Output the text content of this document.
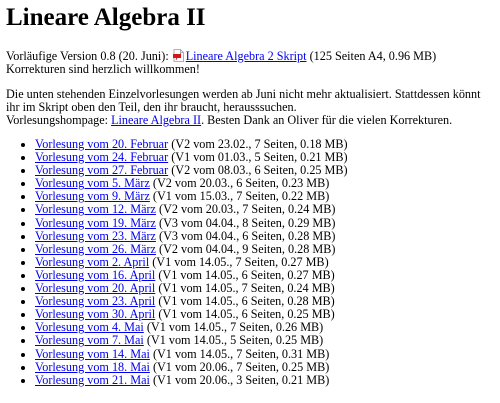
Lineare Algebra II

Vorläufige Version 0.8 (20. Juni): Lineare Algebra 2 Skript (125 Seiten A4, 0.96 MB)
Korrekturen sind herzlich willkommen!

Die unten stehenden Einzelvorlesungen werden ab Juni nicht mehr aktualisiert. Stattdessen könnt ihr im Skript oben den Teil, den ihr braucht, herausssuchen.
Vorlesungshompage: Lineare Algebra II. Besten Dank an Oliver für die vielen Korrekturen.

• Vorlesung vom 20. Februar (V2 vom 23.02., 7 Seiten, 0.18 MB)
• Vorlesung vom 24. Februar (V1 vom 01.03., 5 Seiten, 0.21 MB)
• Vorlesung vom 27. Februar (V2 vom 08.03., 6 Seiten, 0.25 MB)
• Vorlesung vom 5. März (V2 vom 20.03., 6 Seiten, 0.23 MB)
• Vorlesung vom 9. März (V1 vom 15.03., 7 Seiten, 0.22 MB)
• Vorlesung vom 12. März (V2 vom 20.03., 7 Seiten, 0.24 MB)
• Vorlesung vom 19. März (V3 vom 04.04., 8 Seiten, 0.29 MB)
• Vorlesung vom 23. März (V3 vom 04.04., 6 Seiten, 0.28 MB)
• Vorlesung vom 26. März (V2 vom 04.04., 9 Seiten, 0.28 MB)
• Vorlesung vom 2. April (V1 vom 14.05., 7 Seiten, 0.27 MB)
• Vorlesung vom 16. April (V1 vom 14.05., 6 Seiten, 0.27 MB)
• Vorlesung vom 20. April (V1 vom 14.05., 7 Seiten, 0.24 MB)
• Vorlesung vom 23. April (V1 vom 14.05., 6 Seiten, 0.28 MB)
• Vorlesung vom 30. April (V1 vom 14.05., 6 Seiten, 0.25 MB)
• Vorlesung vom 4. Mai (V1 vom 14.05., 7 Seiten, 0.26 MB)
• Vorlesung vom 7. Mai (V1 vom 14.05., 5 Seiten, 0.25 MB)
• Vorlesung vom 14. Mai (V1 vom 14.05., 7 Seiten, 0.31 MB)
• Vorlesung vom 18. Mai (V1 vom 20.06., 7 Seiten, 0.25 MB)
• Vorlesung vom 21. Mai (V1 vom 20.06., 3 Seiten, 0.21 MB)
